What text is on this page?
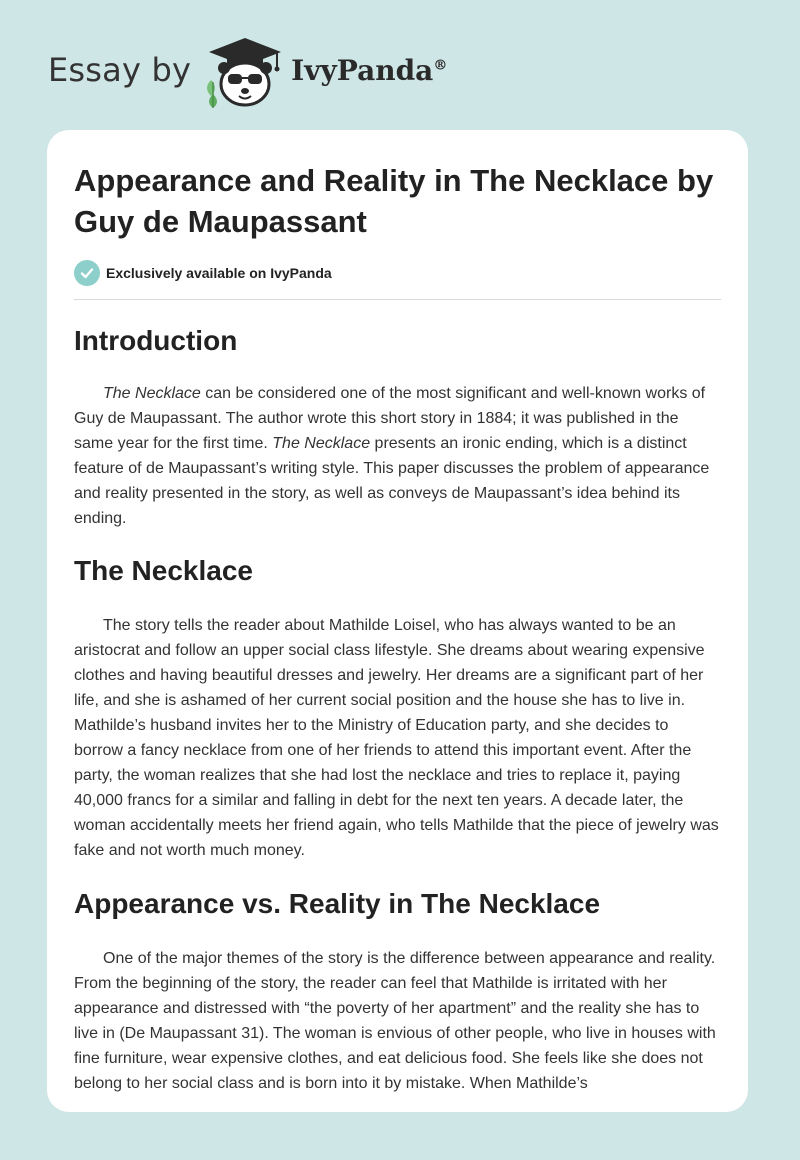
Essay by	IvyPanda®
Appearance and Reality in The Necklace by Guy de Maupassant
Exclusively available on IvyPanda
Introduction

The Necklace can be considered one of the most significant and well-known works of Guy de Maupassant. The author wrote this short story in 1884; it was published in the same year for the first time. The Necklace presents an ironic ending, which is a distinct feature of de Maupassant’s writing style. This paper discusses the problem of appearance and reality presented in the story, as well as conveys de Maupassant’s idea behind its ending.

The Necklace

The story tells the reader about Mathilde Loisel, who has always wanted to be an aristocrat and follow an upper social class lifestyle. She dreams about wearing expensive clothes and having beautiful dresses and jewelry. Her dreams are a significant part of her life, and she is ashamed of her current social position and the house she has to live in. Mathilde’s husband invites her to the Ministry of Education party, and she decides to borrow a fancy necklace from one of her friends to attend this important event. After the party, the woman realizes that she had lost the necklace and tries to replace it, paying 40,000 francs for a similar and falling in debt for the next ten years. A decade later, the woman accidentally meets her friend again, who tells Mathilde that the piece of jewelry was fake and not worth much money.

Appearance vs. Reality in The Necklace

One of the major themes of the story is the difference between appearance and reality. From the beginning of the story, the reader can feel that Mathilde is irritated with her appearance and distressed with “the poverty of her apartment” and the reality she has to live in (De Maupassant 31). The woman is envious of other people, who live in houses with fine furniture, wear expensive clothes, and eat delicious food. She feels like she does not belong to her social class and is born into it by mistake. When Mathilde’s
